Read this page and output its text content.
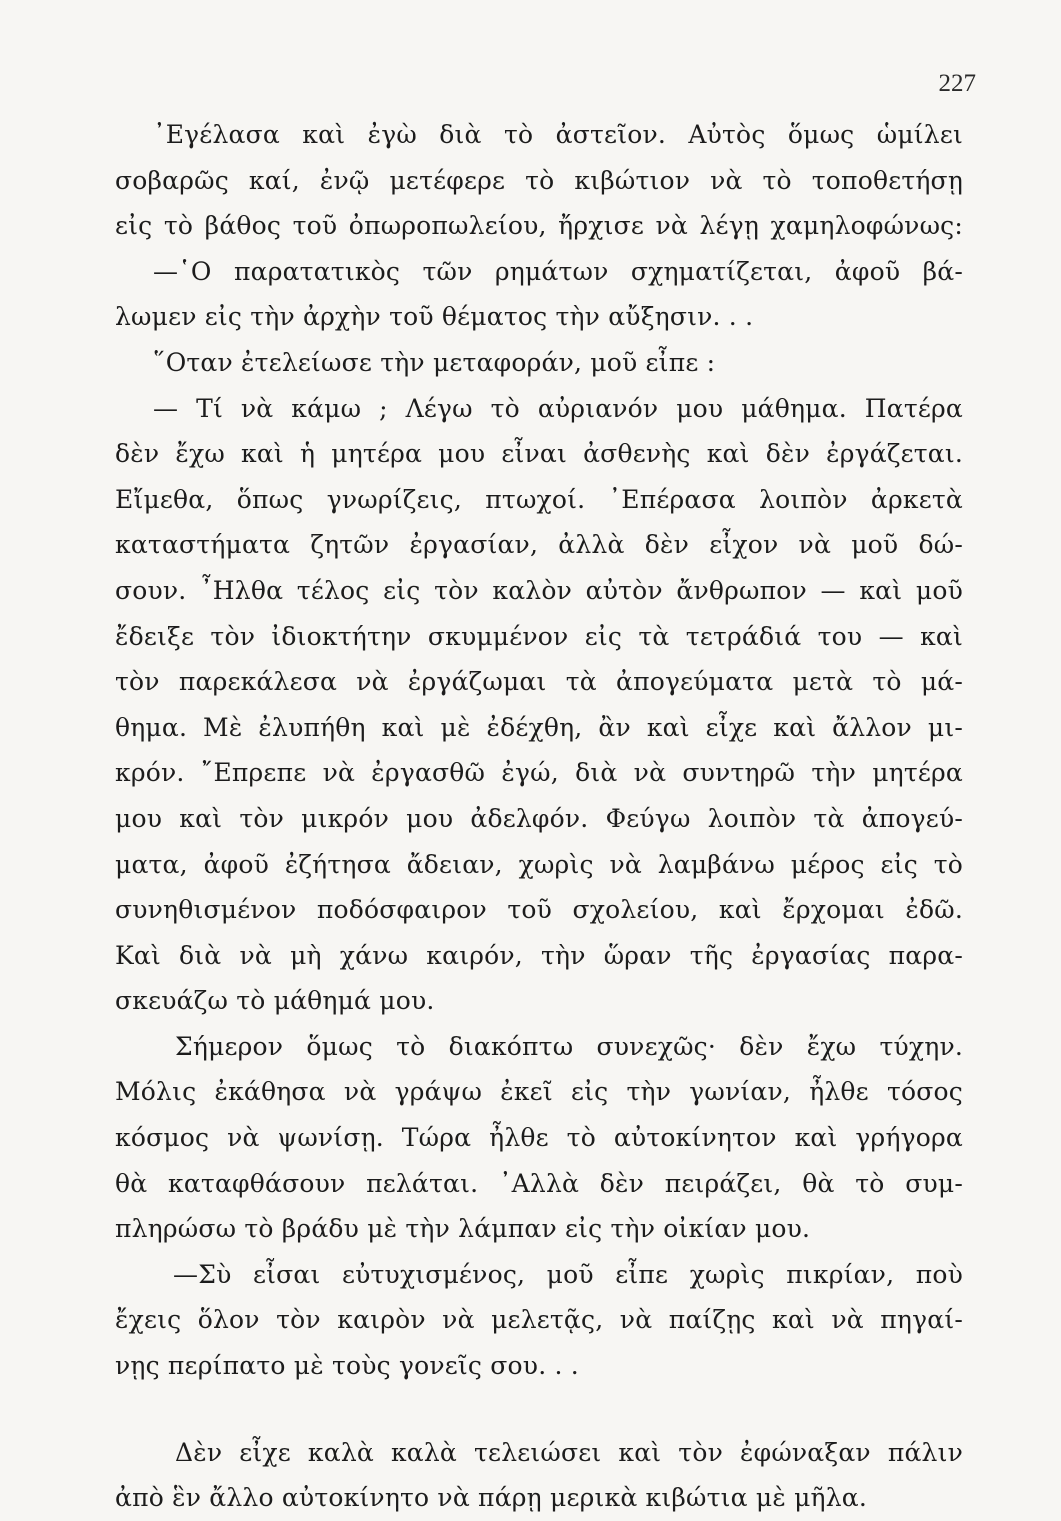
227
᾿Εγέλασα καὶ ἐγὼ διὰ τὸ ἀστεῖον. Αὐτὸς ὅμως ὡμίλει
σοβαρῶς καί, ἐνῷ μετέφερε τὸ κιβώτιον νὰ τὸ τοποθετήσῃ
εἰς τὸ βάθος τοῦ ὀπωροπωλείου, ἤρχισε νὰ λέγῃ χαμηλοφώνως:
—῾Ο παρατατικὸς τῶν ρημάτων σχηματίζεται, ἀφοῦ βά-
λωμεν εἰς τὴν ἀρχὴν τοῦ θέματος τὴν αὔξησιν. . .
῞Οταν ἐτελείωσε τὴν μεταφοράν, μοῦ εἶπε :
— Τί νὰ κάμω ; Λέγω τὸ αὐριανόν μου μάθημα. Πατέρα
δὲν ἔχω καὶ ἡ μητέρα μου εἶναι ἀσθενὴς καὶ δὲν ἐργάζεται.
Εἴμεθα, ὅπως γνωρίζεις, πτωχοί. ᾿Επέρασα λοιπὸν ἀρκετὰ
καταστήματα ζητῶν ἐργασίαν, ἀλλὰ δὲν εἶχον νὰ μοῦ δώ-
σουν. ῏Ηλθα τέλος εἰς τὸν καλὸν αὐτὸν ἄνθρωπον — καὶ μοῦ
ἔδειξε τὸν ἰδιοκτήτην σκυμμένον εἰς τὰ τετράδιά του — καὶ
τὸν παρεκάλεσα νὰ ἐργάζωμαι τὰ ἀπογεύματα μετὰ τὸ μά-
θημα. Μὲ ἐλυπήθη καὶ μὲ ἐδέχθη, ἂν καὶ εἶχε καὶ ἄλλον μι-
κρόν. ῎Επρεπε νὰ ἐργασθῶ ἐγώ, διὰ νὰ συντηρῶ τὴν μητέρα
μου καὶ τὸν μικρόν μου ἀδελφόν. Φεύγω λοιπὸν τὰ ἀπογεύ-
ματα, ἀφοῦ ἐζήτησα ἄδειαν, χωρὶς νὰ λαμβάνω μέρος εἰς τὸ
συνηθισμένον ποδόσφαιρον τοῦ σχολείου, καὶ ἔρχομαι ἐδῶ.
Καὶ διὰ νὰ μὴ χάνω καιρόν, τὴν ὥραν τῆς ἐργασίας παρα-
σκευάζω τὸ μάθημά μου.
Σήμερον ὅμως τὸ διακόπτω συνεχῶς· δὲν ἔχω τύχην.
Μόλις ἐκάθησα νὰ γράψω ἐκεῖ εἰς τὴν γωνίαν, ἦλθε τόσος
κόσμος νὰ ψωνίσῃ. Τώρα ἦλθε τὸ αὐτοκίνητον καὶ γρήγορα
θὰ καταφθάσουν πελάται. ᾿Αλλὰ δὲν πειράζει, θὰ τὸ συμ-
πληρώσω τὸ βράδυ μὲ τὴν λάμπαν εἰς τὴν οἰκίαν μου.
—Σὺ εἶσαι εὐτυχισμένος, μοῦ εἶπε χωρὶς πικρίαν, ποὺ
ἔχεις ὅλον τὸν καιρὸν νὰ μελετᾷς, νὰ παίζῃς καὶ νὰ πηγαί-
νῃς περίπατο μὲ τοὺς γονεῖς σου. . .
Δὲν εἶχε καλὰ καλὰ τελειώσει καὶ τὸν ἐφώναξαν πάλιν
ἀπὸ ἓν ἄλλο αὐτοκίνητο νὰ πάρῃ μερικὰ κιβώτια μὲ μῆλα.
